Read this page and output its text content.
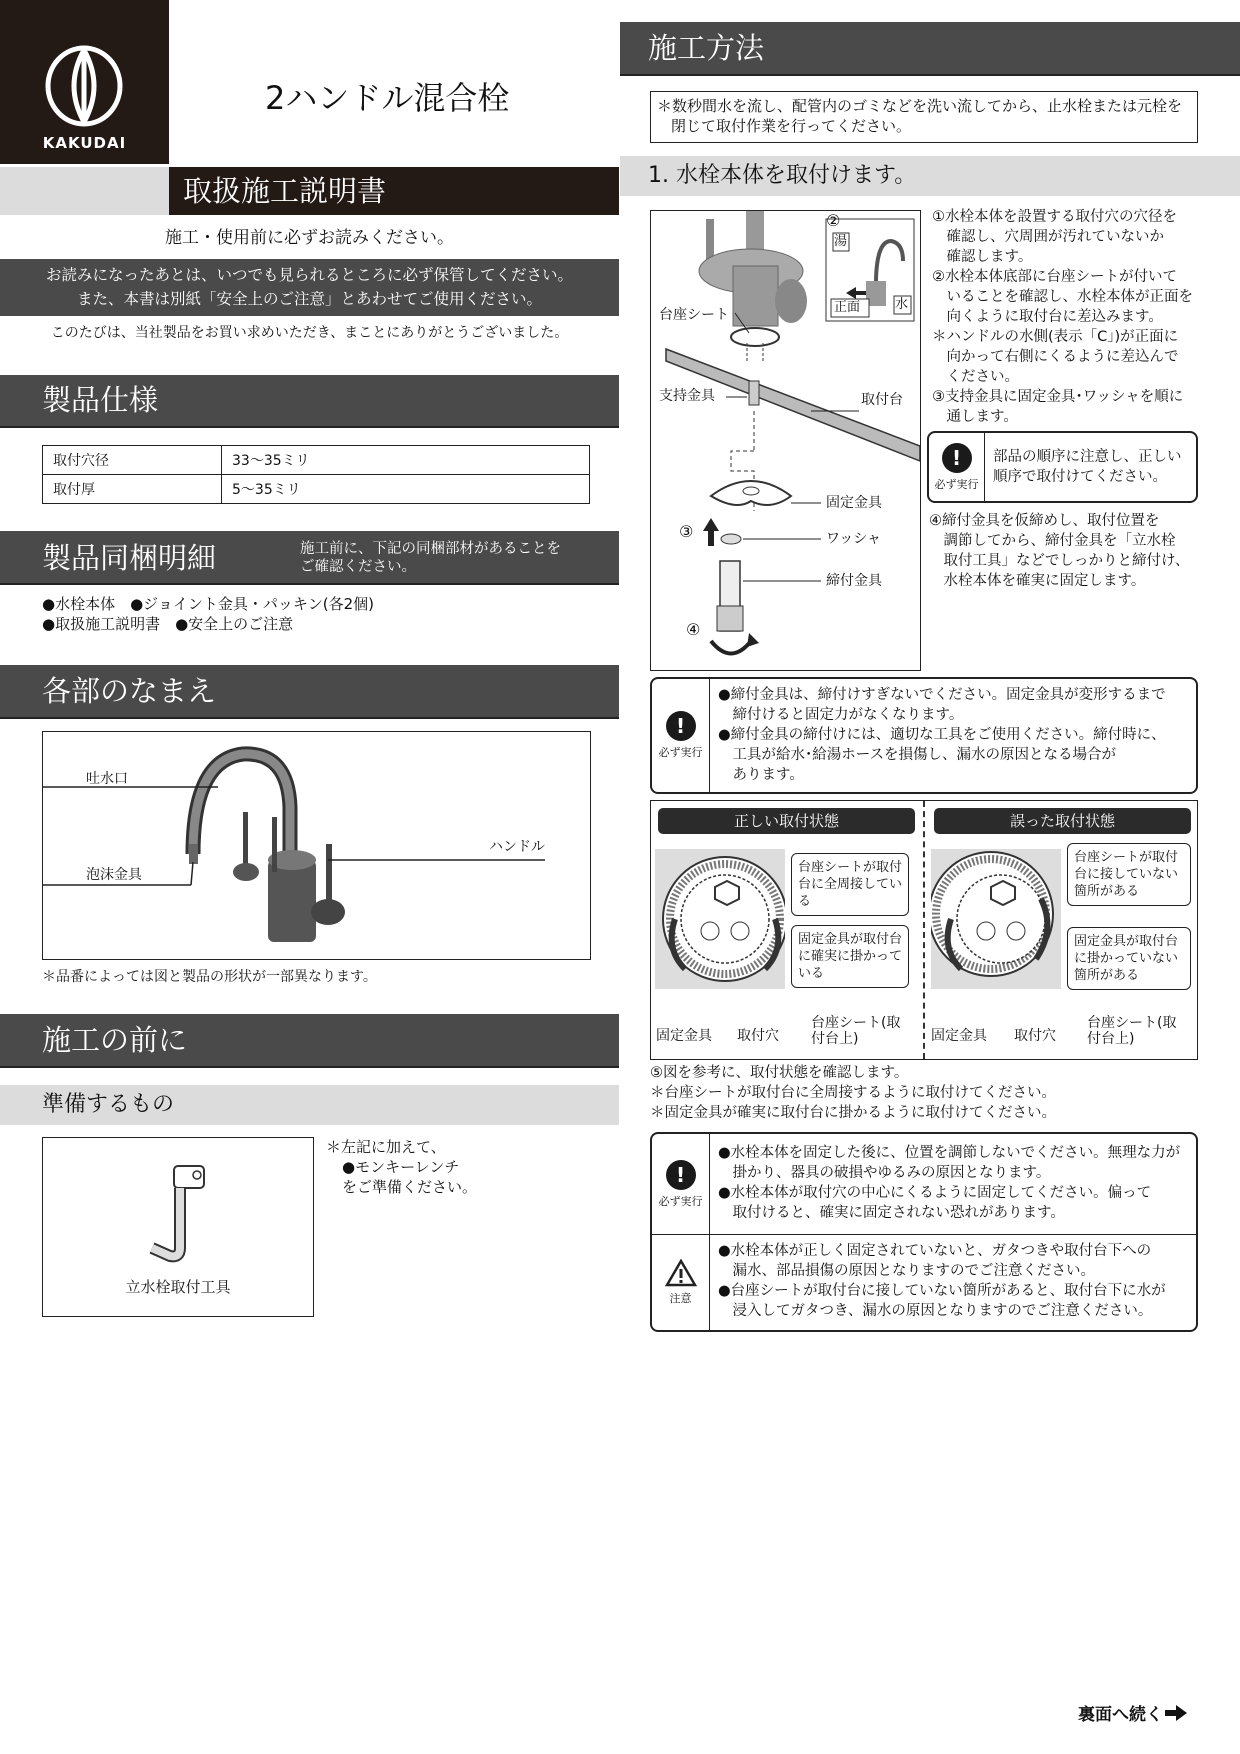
KAKUDAI
2ハンドル混合栓
取扱施工説明書
施工・使用前に必ずお読みください。
お読みになったあとは、いつでも見られるところに必ず保管してください。
また、本書は別紙「安全上のご注意」とあわせてご使用ください。
このたびは、当社製品をお買い求めいただき、まことにありがとうございました。
製品仕様
取付穴径	33〜35ミリ
取付厚	5〜35ミリ
製品同梱明細	施工前に、下記の同梱部材があることを
ご確認ください。
●水栓本体　●ジョイント金具・パッキン(各2個)
●取扱施工説明書　●安全上のご注意
各部のなまえ
吐水口
泡沫金具
ハンドル
＊品番によっては図と製品の形状が一部異なります。
施工の前に
準備するもの
立水栓取付工具
＊左記に加えて、
●モンキーレンチ
をご準備ください。
施工方法
＊数秒間水を流し、配管内のゴミなどを洗い流してから、止水栓または元栓を
閉じて取付作業を行ってください。
1. 水栓本体を取付けます。
②
湯
水
正面
台座シート
支持金具	取付台
固定金具
ワッシャ
締付金具
③
④
①水栓本体を設置する取付穴の穴径を
　確認し、穴周囲が汚れていないか
　確認します。
②水栓本体底部に台座シートが付いて
　いることを確認し、水栓本体が正面を
　向くように取付台に差込みます。
＊ハンドルの水側(表示「C」)が正面に
　向かって右側にくるように差込んで
　ください。
③支持金具に固定金具･ワッシャを順に
　通します。
!
必ず実行
部品の順序に注意し、正しい
順序で取付けてください。
④締付金具を仮締めし、取付位置を
　調節してから、締付金具を「立水栓
　取付工具」などでしっかりと締付け、
　水栓本体を確実に固定します。
!
必ず実行
●締付金具は、締付けすぎないでください。固定金具が変形するまで
　締付けると固定力がなくなります。
●締付金具の締付けには、適切な工具をご使用ください。締付時に、
　工具が給水･給湯ホースを損傷し、漏水の原因となる場合が
　あります。
正しい取付状態
台座シートが取付台に全周接している
固定金具が取付台に確実に掛かっている
固定金具 取付穴
台座シート(取付台上)
誤った取付状態
台座シートが取付台に接していない箇所がある
固定金具が取付台に掛かっていない箇所がある
固定金具 取付穴
台座シート(取付台上)
⑤図を参考に、取付状態を確認します。
＊台座シートが取付台に全周接するように取付けてください。
＊固定金具が確実に取付台に掛かるように取付けてください。
!
必ず実行
●水栓本体を固定した後に、位置を調節しないでください。無理な力が
　掛かり、器具の破損やゆるみの原因となります。
●水栓本体が取付穴の中心にくるように固定してください。偏って
　取付けると、確実に固定されない恐れがあります。
注意
●水栓本体が正しく固定されていないと、ガタつきや取付台下への
　漏水、部品損傷の原因となりますのでご注意ください。
●台座シートが取付台に接していない箇所があると、取付台下に水が
　浸入してガタつき、漏水の原因となりますのでご注意ください。
裏面へ続く
